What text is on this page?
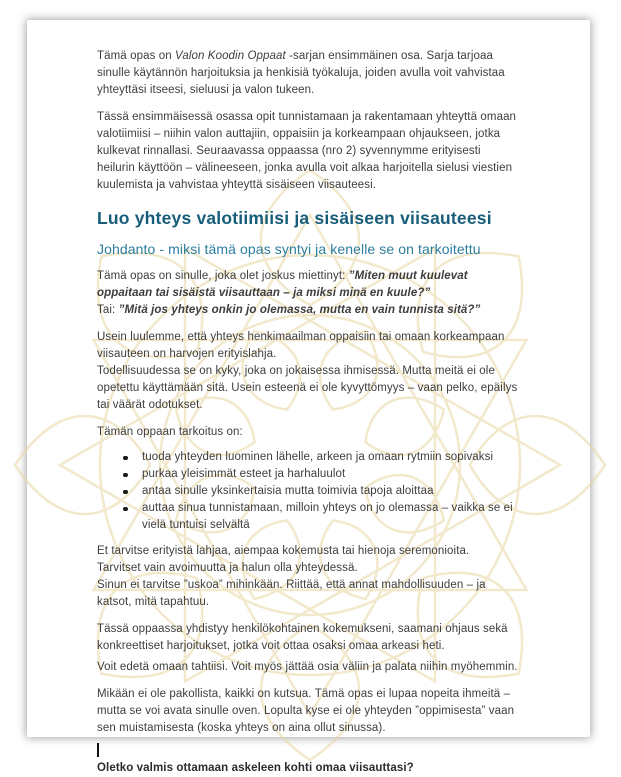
Tämä opas on Valon Koodin Oppaat -sarjan ensimmäinen osa. Sarja tarjoaa sinulle käytännön harjoituksia ja henkisiä työkaluja, joiden avulla voit vahvistaa yhteyttäsi itseesi, sieluusi ja valon tukeen.

Tässä ensimmäisessä osassa opit tunnistamaan ja rakentamaan yhteyttä omaan valotiimiisi – niihin valon auttajiin, oppaisiin ja korkeampaan ohjaukseen, jotka kulkevat rinnallasi. Seuraavassa oppaassa (nro 2) syvennymme erityisesti heilurin käyttöön – välineeseen, jonka avulla voit alkaa harjoitella sielusi viestien kuulemista ja vahvistaa yhteyttä sisäiseen viisauteesi.

Luo yhteys valotiimiisi ja sisäiseen viisauteesi
Johdanto - miksi tämä opas syntyi ja kenelle se on tarkoitettu

Tämä opas on sinulle, joka olet joskus miettinyt: ”Miten muut kuulevat oppaitaan tai sisäistä viisauttaan – ja miksi minä en kuule?”
Tai: ”Mitä jos yhteys onkin jo olemassa, mutta en vain tunnista sitä?”

Usein luulemme, että yhteys henkimaailman oppaisiin tai omaan korkeampaan viisauteen on harvojen erityislahja.
Todellisuudessa se on kyky, joka on jokaisessa ihmisessä. Mutta meitä ei ole opetettu käyttämään sitä. Usein esteenä ei ole kyvyttömyys – vaan pelko, epäilys tai väärät odotukset.

Tämän oppaan tarkoitus on:

tuoda yhteyden luominen lähelle, arkeen ja omaan rytmiin sopivaksi
purkaa yleisimmät esteet ja harhaluulot
antaa sinulle yksinkertaisia mutta toimivia tapoja aloittaa
auttaa sinua tunnistamaan, milloin yhteys on jo olemassa – vaikka se ei vielä tuntuisi selvältä

Et tarvitse erityistä lahjaa, aiempaa kokemusta tai hienoja seremonioita.
Tarvitset vain avoimuutta ja halun olla yhteydessä.
Sinun ei tarvitse ”uskoa” mihinkään. Riittää, että annat mahdollisuuden – ja katsot, mitä tapahtuu.

Tässä oppaassa yhdistyy henkilökohtainen kokemukseni, saamani ohjaus sekä konkreettiset harjoitukset, jotka voit ottaa osaksi omaa arkeasi heti.
Voit edetä omaan tahtiisi. Voit myös jättää osia väliin ja palata niihin myöhemmin.

Mikään ei ole pakollista, kaikki on kutsua. Tämä opas ei lupaa nopeita ihmeitä – mutta se voi avata sinulle oven. Lopulta kyse ei ole yhteyden ”oppimisesta” vaan sen muistamisesta (koska yhteys on aina ollut sinussa).

Oletko valmis ottamaan askeleen kohti omaa viisauttasi?
